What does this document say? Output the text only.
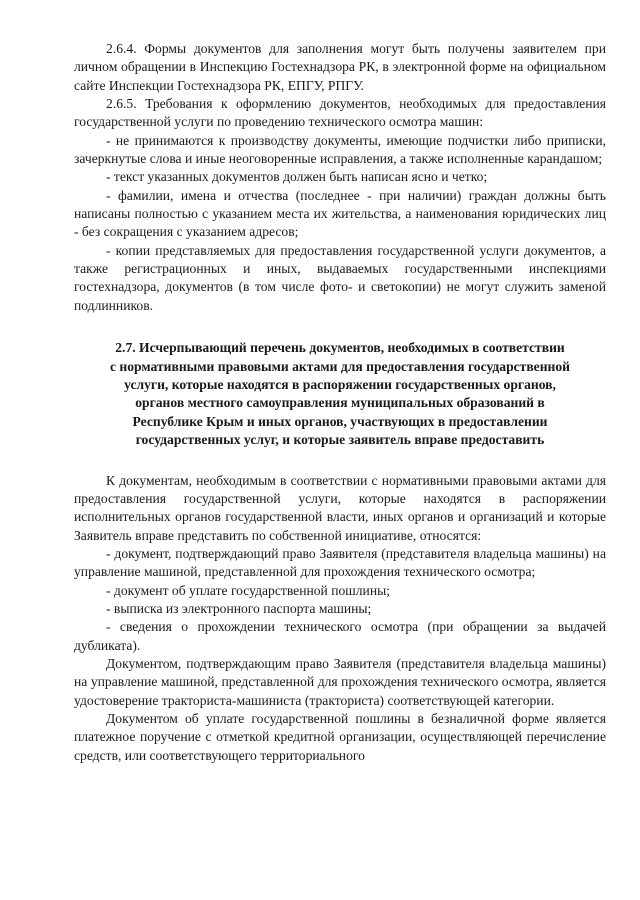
2.6.4. Формы документов для заполнения могут быть получены заявителем при личном обращении в Инспекцию Гостехнадзора РК, в электронной форме на официальном сайте Инспекции Гостехнадзора РК, ЕПГУ, РПГУ.

2.6.5. Требования к оформлению документов, необходимых для предоставления государственной услуги по проведению технического осмотра машин:

- не принимаются к производству документы, имеющие подчистки либо приписки, зачеркнутые слова и иные неоговоренные исправления, а также исполненные карандашом;

- текст указанных документов должен быть написан ясно и четко;

- фамилии, имена и отчества (последнее - при наличии) граждан должны быть написаны полностью с указанием места их жительства, а наименования юридических лиц - без сокращения с указанием адресов;

- копии представляемых для предоставления государственной услуги документов, а также регистрационных и иных, выдаваемых государственными инспекциями гостехнадзора, документов (в том числе фото- и светокопии) не могут служить заменой подлинников.

2.7. Исчерпывающий перечень документов, необходимых в соответствии
с нормативными правовыми актами для предоставления государственной
услуги, которые находятся в распоряжении государственных органов,
органов местного самоуправления муниципальных образований в
Республике Крым и иных органов, участвующих в предоставлении
государственных услуг, и которые заявитель вправе предоставить

К документам, необходимым в соответствии с нормативными правовыми актами для предоставления государственной услуги, которые находятся в распоряжении исполнительных органов государственной власти, иных органов и организаций и которые Заявитель вправе представить по собственной инициативе, относятся:

- документ, подтверждающий право Заявителя (представителя владельца машины) на управление машиной, представленной для прохождения технического осмотра;

- документ об уплате государственной пошлины;

- выписка из электронного паспорта машины;

- сведения о прохождении технического осмотра (при обращении за выдачей дубликата).

Документом, подтверждающим право Заявителя (представителя владельца машины) на управление машиной, представленной для прохождения технического осмотра, является удостоверение тракториста-машиниста (тракториста) соответствующей категории.

Документом об уплате государственной пошлины в безналичной форме является платежное поручение с отметкой кредитной организации, осуществляющей перечисление средств, или соответствующего территориального
